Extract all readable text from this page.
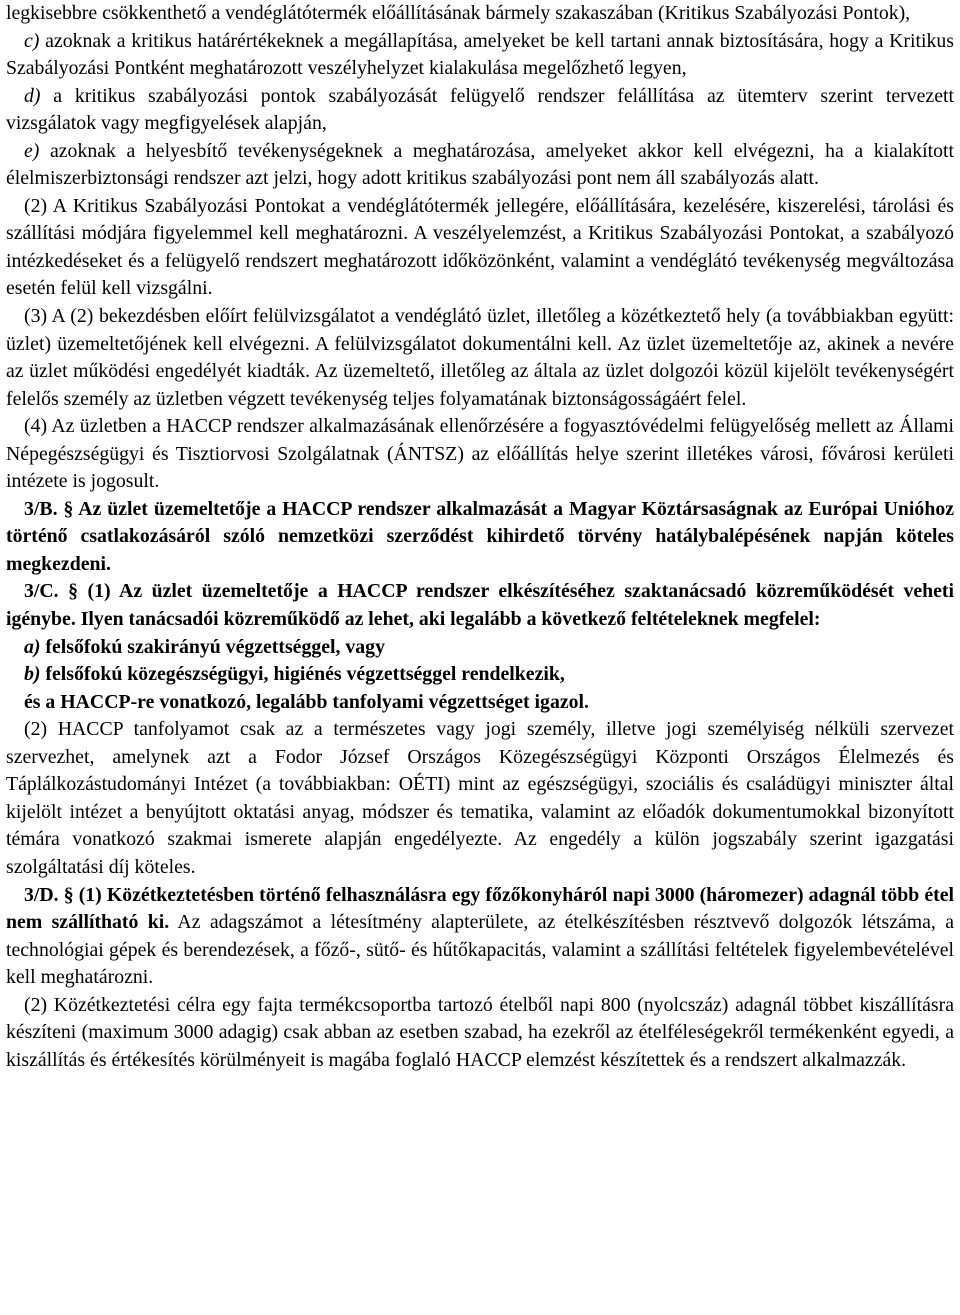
legkisebbre csökkenthető a vendéglátótermék előállításának bármely szakaszában (Kritikus Szabályozási Pontok),

c) azoknak a kritikus határértékeknek a megállapítása, amelyeket be kell tartani annak biztosítására, hogy a Kritikus Szabályozási Pontként meghatározott veszélyhelyzet kialakulása megelőzhető legyen,

d) a kritikus szabályozási pontok szabályozását felügyelő rendszer felállítása az ütemterv szerint tervezett vizsgálatok vagy megfigyelések alapján,

e) azoknak a helyesbítő tevékenységeknek a meghatározása, amelyeket akkor kell elvégezni, ha a kialakított élelmiszerbiztonsági rendszer azt jelzi, hogy adott kritikus szabályozási pont nem áll szabályozás alatt.

(2) A Kritikus Szabályozási Pontokat a vendéglátótermék jellegére, előállítására, kezelésére, kiszerelési, tárolási és szállítási módjára figyelemmel kell meghatározni. A veszélyelemzést, a Kritikus Szabályozási Pontokat, a szabályozó intézkedéseket és a felügyelő rendszert meghatározott időközönként, valamint a vendéglátó tevékenység megváltozása esetén felül kell vizsgálni.

(3) A (2) bekezdésben előírt felülvizsgálatot a vendéglátó üzlet, illetőleg a közétkeztető hely (a továbbiakban együtt: üzlet) üzemeltetőjének kell elvégezni. A felülvizsgálatot dokumentálni kell. Az üzlet üzemeltetője az, akinek a nevére az üzlet működési engedélyét kiadták. Az üzemeltető, illetőleg az általa az üzlet dolgozói közül kijelölt tevékenységért felelős személy az üzletben végzett tevékenység teljes folyamatának biztonságosságáért felel.

(4) Az üzletben a HACCP rendszer alkalmazásának ellenőrzésére a fogyasztóvédelmi felügyelőség mellett az Állami Népegészségügyi és Tisztiorvosi Szolgálatnak (ÁNTSZ) az előállítás helye szerint illetékes városi, fővárosi kerületi intézete is jogosult.

3/B. § Az üzlet üzemeltetője a HACCP rendszer alkalmazását a Magyar Köztársaságnak az Európai Unióhoz történő csatlakozásáról szóló nemzetközi szerződést kihirdető törvény hatálybalépésének napján köteles megkezdeni.

3/C. § (1) Az üzlet üzemeltetője a HACCP rendszer elkészítéséhez szaktanácsadó közreműködését veheti igénybe. Ilyen tanácsadói közreműködő az lehet, aki legalább a következő feltételeknek megfelel:

a) felsőfokú szakirányú végzettséggel, vagy

b) felsőfokú közegészségügyi, higiénés végzettséggel rendelkezik,

és a HACCP-re vonatkozó, legalább tanfolyami végzettséget igazol.

(2) HACCP tanfolyamot csak az a természetes vagy jogi személy, illetve jogi személyiség nélküli szervezet szervezhet, amelynek azt a Fodor József Országos Közegészségügyi Központi Országos Élelmezés és Táplálkozástudományi Intézet (a továbbiakban: OÉTI) mint az egészségügyi, szociális és családügyi miniszter által kijelölt intézet a benyújtott oktatási anyag, módszer és tematika, valamint az előadók dokumentumokkal bizonyított témára vonatkozó szakmai ismerete alapján engedélyezte. Az engedély a külön jogszabály szerint igazgatási szolgáltatási díj köteles.

3/D. § (1) Közétkeztetésben történő felhasználásra egy főzőkonyháról napi 3000 (háromezer) adagnál több étel nem szállítható ki. Az adagszámot a létesítmény alapterülete, az ételkészítésben résztvevő dolgozók létszáma, a technológiai gépek és berendezések, a főző-, sütő- és hűtőkapacitás, valamint a szállítási feltételek figyelembevételével kell meghatározni.

(2) Közétkeztetési célra egy fajta termékcsoportba tartozó ételből napi 800 (nyolcszáz) adagnál többet kiszállításra készíteni (maximum 3000 adagig) csak abban az esetben szabad, ha ezekről az ételféleségekről termékenként egyedi, a kiszállítás és értékesítés körülményeit is magába foglaló HACCP elemzést készítettek és a rendszert alkalmazzák.
